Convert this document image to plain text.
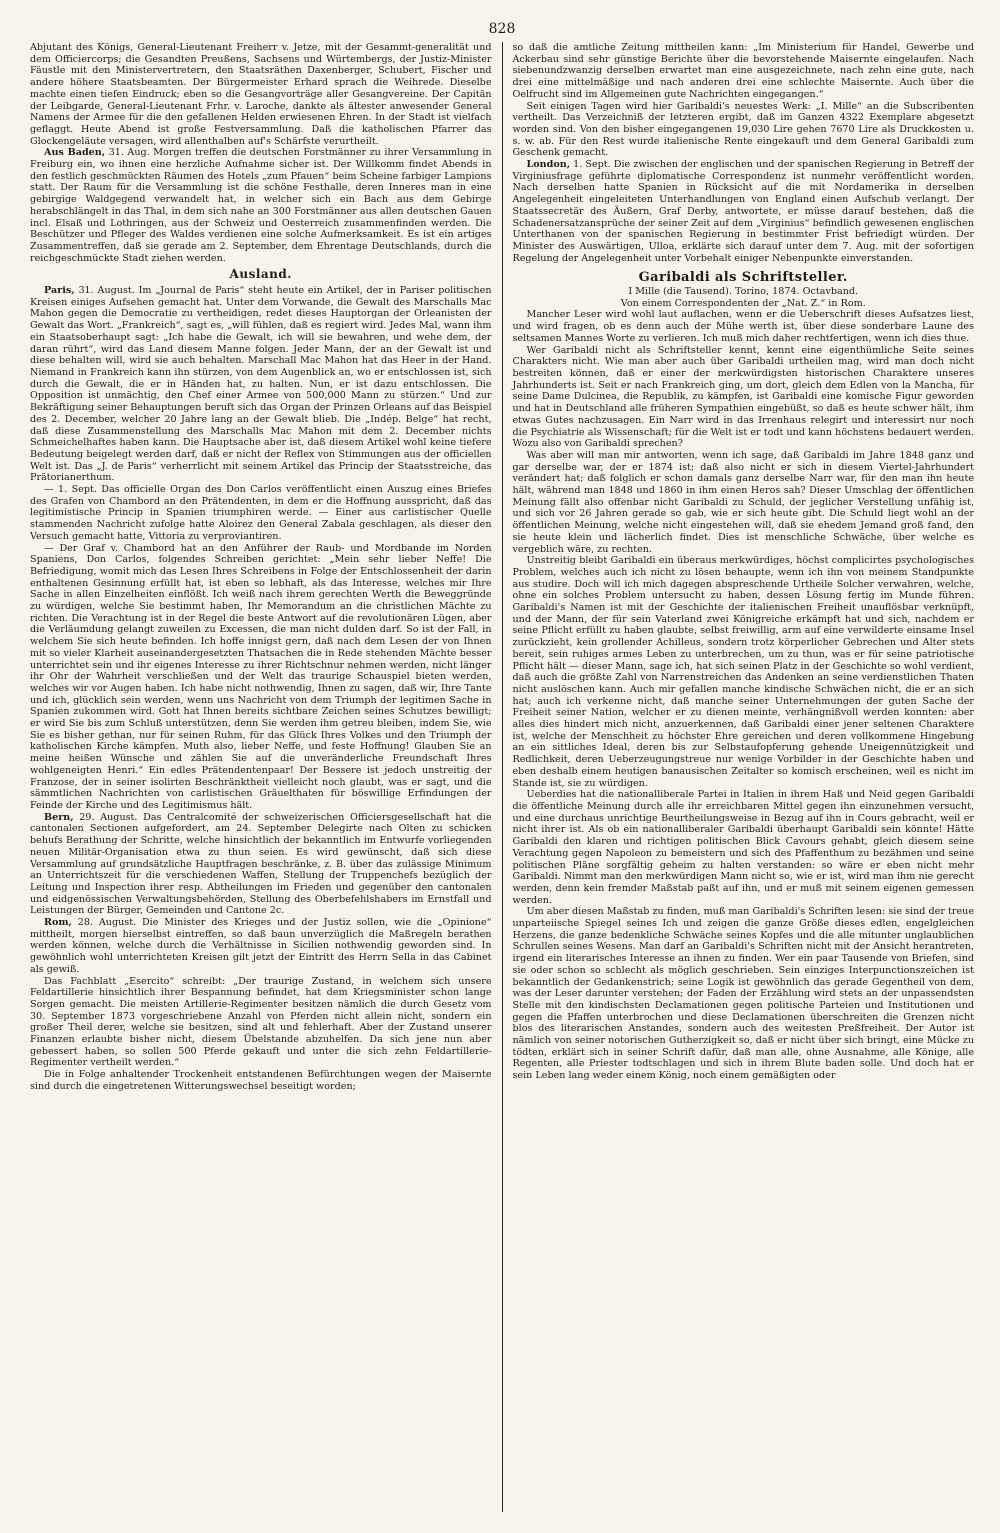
828

Abjutant des Königs, General-Lieutenant Freiherr v. Jetze, mit der Gesammt-generalität und dem Officiercorps; die Gesandten Preußens, Sachsens und Würtembergs, der Justiz-Minister Fäustle mit den Ministervertretern, den Staatsräthen Daxenberger, Schubert, Fischer und andere höhere Staatsbeamten. Der Bürgermeister Erhard sprach die Weihrede. Dieselbe machte einen tiefen Eindruck; eben so die Gesangvorträge aller Gesangvereine. Der Capitän der Leibgarde, General-Lieutenant Frhr. v. Laroche, dankte als ältester anwesender General Namens der Armee für die den gefallenen Helden erwiesenen Ehren. In der Stadt ist vielfach geflaggt. Heute Abend ist große Festversammlung. Daß die katholischen Pfarrer das Glockengeläute versagen, wird allenthalben auf's Schärfste verurtheilt.

Aus Baden, 31. Aug. Morgen treffen die deutschen Forstmänner zu ihrer Versammlung in Freiburg ein, wo ihnen eine herzliche Aufnahme sicher ist. Der Willkomm findet Abends in den festlich geschmückten Räumen des Hotels „zum Pfauen“ beim Scheine farbiger Lampions statt. Der Raum für die Versammlung ist die schöne Festhalle, deren Inneres man in eine gebirgige Waldgegend verwandelt hat, in welcher sich ein Bach aus dem Gebirge herabschlängelt in das Thal, in dem sich nahe an 300 Forstmänner aus allen deutschen Gauen incl. Elsaß und Lothringen, aus der Schweiz und Oesterreich zusammenfinden werden. Die Beschützer und Pfleger des Waldes verdienen eine solche Aufmerksamkeit. Es ist ein artiges Zusammentreffen, daß sie gerade am 2. September, dem Ehrentage Deutschlands, durch die reichgeschmückte Stadt ziehen werden.

Ausland.

Paris, 31. August. Im „Journal de Paris“ steht heute ein Artikel, der in Pariser politischen Kreisen einiges Aufsehen gemacht hat. Unter dem Vorwande, die Gewalt des Marschalls Mac Mahon gegen die Democratie zu vertheidigen, redet dieses Hauptorgan der Orleanisten der Gewalt das Wort. „Frankreich“, sagt es, „will fühlen, daß es regiert wird. Jedes Mal, wann ihm ein Staatsoberhaupt sagt: „Ich habe die Gewalt, ich will sie bewahren, und wehe dem, der daran rührt“, wird das Land diesem Manne folgen. Jeder Mann, der an der Gewalt ist und diese behalten will, wird sie auch behalten. Marschall Mac Mahon hat das Heer in der Hand. Niemand in Frankreich kann ihn stürzen, von dem Augenblick an, wo er entschlossen ist, sich durch die Gewalt, die er in Händen hat, zu halten. Nun, er ist dazu entschlossen. Die Opposition ist unmächtig, den Chef einer Armee von 500,000 Mann zu stürzen.“ Und zur Bekräftigung seiner Behauptungen beruft sich das Organ der Prinzen Orleans auf das Beispiel des 2. December, welcher 20 Jahre lang an der Gewalt blieb. Die „Indép. Belge“ hat recht, daß diese Zusammenstellung des Marschalls Mac Mahon mit dem 2. December nichts Schmeichelhaftes haben kann. Die Hauptsache aber ist, daß diesem Artikel wohl keine tiefere Bedeutung beigelegt werden darf, daß er nicht der Reflex von Stimmungen aus der officiellen Welt ist. Das „J. de Paris“ verherrlicht mit seinem Artikel das Princip der Staatsstreiche, das Prätorianerthum.

— 1. Sept. Das officielle Organ des Don Carlos veröffentlicht einen Auszug eines Briefes des Grafen von Chambord an den Prätendenten, in dem er die Hoffnung ausspricht, daß das legitimistische Princip in Spanien triumphiren werde. — Einer aus carlistischer Quelle stammenden Nachricht zufolge hatte Aloirez den General Zabala geschlagen, als dieser den Versuch gemacht hatte, Vittoria zu verproviantiren.

— Der Graf v. Chambord hat an den Anführer der Raub- und Mordbande im Norden Spaniens, Don Carlos, folgendes Schreiben gerichtet: „Mein sehr lieber Neffe! Die Befriedigung, womit mich das Lesen Ihres Schreibens in Folge der Entschlossenheit der darin enthaltenen Gesinnung erfüllt hat, ist eben so lebhaft, als das Interesse, welches mir Ihre Sache in allen Einzelheiten einflößt. Ich weiß nach ihrem gerechten Werth die Beweggründe zu würdigen, welche Sie bestimmt haben, Ihr Memorandum an die christlichen Mächte zu richten. Die Verachtung ist in der Regel die beste Antwort auf die revolutionären Lügen, aber die Verläumdung gelangt zuweilen zu Excessen, die man nicht dulden darf. So ist der Fall, in welchem Sie sich heute befinden. Ich hoffe innigst gern, daß nach dem Lesen der von Ihnen mit so vieler Klarheit auseinandergesetzten Thatsachen die in Rede stehenden Mächte besser unterrichtet sein und ihr eigenes Interesse zu ihrer Richtschnur nehmen werden, nicht länger ihr Ohr der Wahrheit verschließen und der Welt das traurige Schauspiel bieten werden, welches wir vor Augen haben. Ich habe nicht nothwendig, Ihnen zu sagen, daß wir, Ihre Tante und ich, glücklich sein werden, wenn uns Nachricht von dem Triumph der legitimen Sache in Spanien zukommen wird. Gott hat Ihnen bereits sichtbare Zeichen seines Schutzes bewilligt; er wird Sie bis zum Schluß unterstützen, denn Sie werden ihm getreu bleiben, indem Sie, wie Sie es bisher gethan, nur für seinen Ruhm, für das Glück Ihres Volkes und den Triumph der katholischen Kirche kämpfen. Muth also, lieber Neffe, und feste Hoffnung! Glauben Sie an meine heißen Wünsche und zählen Sie auf die unveränderliche Freundschaft Ihres wohlgeneigten Henri.“ Ein edles Prätendentenpaar! Der Bessere ist jedoch unstreitig der Franzose, der in seiner isolirten Beschränktheit vielleicht noch glaubt, was er sagt, und die sämmtlichen Nachrichten von carlistischen Gräuelthaten für böswillige Erfindungen der Feinde der Kirche und des Legitimismus hält.

Bern, 29. August. Das Centralcomité der schweizerischen Officiersgesellschaft hat die cantonalen Sectionen aufgefordert, am 24. September Delegirte nach Olten zu schicken behufs Berathung der Schritte, welche hinsichtlich der bekanntlich im Entwurfe vorliegenden neuen Militär-Organisation etwa zu thun seien. Es wird gewünscht, daß sich diese Versammlung auf grundsätzliche Hauptfragen beschränke, z. B. über das zulässige Minimum an Unterrichtszeit für die verschiedenen Waffen, Stellung der Truppenchefs bezüglich der Leitung und Inspection ihrer resp. Abtheilungen im Frieden und gegenüber den cantonalen und eidgenössischen Verwaltungsbehörden, Stellung des Oberbefehlshabers im Ernstfall und Leistungen der Bürger, Gemeinden und Cantone 2c.

Rom, 28. August. Die Minister des Krieges und der Justiz sollen, wie die „Opinione“ mittheilt, morgen hierselbst eintreffen, so daß baun unverzüglich die Maßregeln berathen werden können, welche durch die Verhältnisse in Sicilien nothwendig geworden sind. In gewöhnlich wohl unterrichteten Kreisen gilt jetzt der Eintritt des Herrn Sella in das Cabinet als gewiß.

Das Fachblatt „Esercito“ schreibt: „Der traurige Zustand, in welchem sich unsere Feldartillerie hinsichtlich ihrer Bespannung befindet, hat dem Kriegsminister schon lange Sorgen gemacht. Die meisten Artillerie-Regimenter besitzen nämlich die durch Gesetz vom 30. September 1873 vorgeschriebene Anzahl von Pferden nicht allein nicht, sondern ein großer Theil derer, welche sie besitzen, sind alt und fehlerhaft. Aber der Zustand unserer Finanzen erlaubte bisher nicht, diesem Übelstande abzuhelfen. Da sich jene nun aber gebessert haben, so sollen 500 Pferde gekauft und unter die sich zehn Feldartillerie-Regimenter vertheilt werden.“

Die in Folge anhaltender Trockenheit entstandenen Befürchtungen wegen der Maisernte sind durch die eingetretenen Witterungswechsel beseitigt worden;

so daß die amtliche Zeitung mittheilen kann: „Im Ministerium für Handel, Gewerbe und Ackerbau sind sehr günstige Berichte über die bevorstehende Maisernte eingelaufen. Nach siebenundzwanzig derselben erwartet man eine ausgezeichnete, nach zehn eine gute, nach drei eine mittelmäßige und nach anderen drei eine schlechte Maisernte. Auch über die Oelfrucht sind im Allgemeinen gute Nachrichten eingegangen.“

Seit einigen Tagen wird hier Garibaldi's neuestes Werk: „I. Mille“ an die Subscribenten vertheilt. Das Verzeichniß der letzteren ergibt, daß im Ganzen 4322 Exemplare abgesetzt worden sind. Von den bisher eingegangenen 19,030 Lire gehen 7670 Lire als Druckkosten u. s. w. ab. Für den Rest wurde italienische Rente eingekauft und dem General Garibaldi zum Geschenk gemacht.

London, 1. Sept. Die zwischen der englischen und der spanischen Regierung in Betreff der Virginiusfrage geführte diplomatische Correspondenz ist nunmehr veröffentlicht worden. Nach derselben hatte Spanien in Rücksicht auf die mit Nordamerika in derselben Angelegenheit eingeleiteten Unterhandlungen von England einen Aufschub verlangt. Der Staatssecretär des Äußern, Graf Derby, antwortete, er müsse darauf bestehen, daß die Schadenersatzansprüche der seiner Zeit auf dem „Virginius“ befindlich gewesenen englischen Unterthanen von der spanischen Regierung in bestimmter Frist befriedigt würden. Der Minister des Auswärtigen, Ulloa, erklärte sich darauf unter dem 7. Aug. mit der sofortigen Regelung der Angelegenheit unter Vorbehalt einiger Nebenpunkte einverstanden.

Garibaldi als Schriftsteller.
I Mille (die Tausend). Torino, 1874. Octavband.
Von einem Correspondenten der „Nat. Z.“ in Rom.

Mancher Leser wird wohl laut auflachen, wenn er die Ueberschrift dieses Aufsatzes liest, und wird fragen, ob es denn auch der Mühe werth ist, über diese sonderbare Laune des seltsamen Mannes Worte zu verlieren. Ich muß mich daher rechtfertigen, wenn ich dies thue.

Wer Garibaldi nicht als Schriftsteller kennt, kennt eine eigenthümliche Seite seines Charakters nicht. Wie man aber auch über Garibaldi urtheilen mag, wird man doch nicht bestreiten können, daß er einer der merkwürdigsten historischen Charaktere unseres Jahrhunderts ist. Seit er nach Frankreich ging, um dort, gleich dem Edlen von la Mancha, für seine Dame Dulcinea, die Republik, zu kämpfen, ist Garibaldi eine komische Figur geworden und hat in Deutschland alle früheren Sympathien eingebüßt, so daß es heute schwer hält, ihm etwas Gutes nachzusagen. Ein Narr wird in das Irrenhaus relegirt und interessirt nur noch die Psychiatrie als Wissenschaft; für die Welt ist er todt und kann höchstens bedauert werden. Wozu also von Garibaldi sprechen?

Was aber will man mir antworten, wenn ich sage, daß Garibaldi im Jahre 1848 ganz und gar derselbe war, der er 1874 ist; daß also nicht er sich in diesem Viertel-Jahrhundert verändert hat; daß folglich er schon damals ganz derselbe Narr war, für den man ihn heute hält, während man 1848 und 1860 in ihm einen Heros sah? Dieser Umschlag der öffentlichen Meinung fällt also offenbar nicht Garibaldi zu Schuld, der jeglicher Verstellung unfähig ist, und sich vor 26 Jahren gerade so gab, wie er sich heute gibt. Die Schuld liegt wohl an der öffentlichen Meinung, welche nicht eingestehen will, daß sie ehedem Jemand groß fand, den sie heute klein und lächerlich findet. Dies ist menschliche Schwäche, über welche es vergeblich wäre, zu rechten.

Unstreitig bleibt Garibaldi ein überaus merkwürdiges, höchst complicirtes psychologisches Problem, welches auch ich nicht zu lösen behaupte, wenn ich ihn von meinem Standpunkte aus studire. Doch will ich mich dagegen abspreschende Urtheile Solcher verwahren, welche, ohne ein solches Problem untersucht zu haben, dessen Lösung fertig im Munde führen. Garibaldi's Namen ist mit der Geschichte der italienischen Freiheit unauflösbar verknüpft, und der Mann, der für sein Vaterland zwei Königreiche erkämpft hat und sich, nachdem er seine Pflicht erfüllt zu haben glaubte, selbst freiwillig, arm auf eine verwilderte einsame Insel zurückzieht, kein grollender Achilleus, sondern trotz körperlicher Gebrechen und Alter stets bereit, sein ruhiges armes Leben zu unterbrechen, um zu thun, was er für seine patriotische Pflicht hält — dieser Mann, sage ich, hat sich seinen Platz in der Geschichte so wohl verdient, daß auch die größte Zahl von Narrenstreichen das Andenken an seine verdienstlichen Thaten nicht auslöschen kann. Auch mir gefallen manche kindische Schwächen nicht, die er an sich hat; auch ich verkenne nicht, daß manche seiner Unternehmungen der guten Sache der Freiheit seiner Nation, welcher er zu dienen meinte, verhängnißvoll werden konnten: aber alles dies hindert mich nicht, anzuerkennen, daß Garibaldi einer jener seltenen Charaktere ist, welche der Menschheit zu höchster Ehre gereichen und deren vollkommene Hingebung an ein sittliches Ideal, deren bis zur Selbstaufopferung gehende Uneigennützigkeit und Redlichkeit, deren Ueberzeugungstreue nur wenige Vorbilder in der Geschichte haben und eben deshalb einem heutigen banausischen Zeitalter so komisch erscheinen, weil es nicht im Stande ist, sie zu würdigen.

Ueberdies hat die nationalliberale Partei in Italien in ihrem Haß und Neid gegen Garibaldi die öffentliche Meinung durch alle ihr erreichbaren Mittel gegen ihn einzunehmen versucht, und eine durchaus unrichtige Beurtheilungsweise in Bezug auf ihn in Cours gebracht, weil er nicht ihrer ist. Als ob ein nationalliberaler Garibaldi überhaupt Garibaldi sein könnte! Hätte Garibaldi den klaren und richtigen politischen Blick Cavours gehabt, gleich diesem seine Verachtung gegen Napoleon zu bemeistern und sich des Pfaffenthum zu bezähmen und seine politischen Pläne sorgfältig geheim zu halten verstanden: so wäre er eben nicht mehr Garibaldi. Nimmt man den merkwürdigen Mann nicht so, wie er ist, wird man ihm nie gerecht werden, denn kein fremder Maßstab paßt auf ihn, und er muß mit seinem eigenen gemessen werden.

Um aber diesen Maßstab zu finden, muß man Garibaldi's Schriften lesen: sie sind der treue unparteiische Spiegel seines Ich und zeigen die ganze Größe dieses edlen, engelgleichen Herzens, die ganze bedenkliche Schwäche seines Kopfes und die alle mitunter unglaublichen Schrullen seines Wesens. Man darf an Garibaldi's Schriften nicht mit der Ansicht herantreten, irgend ein literarisches Interesse an ihnen zu finden. Wer ein paar Tausende von Briefen, sind sie oder schon so schlecht als möglich geschrieben. Sein einziges Interpunctionszeichen ist bekanntlich der Gedankenstrich; seine Logik ist gewöhnlich das gerade Gegentheil von dem, was der Leser darunter verstehen; der Faden der Erzählung wird stets an der unpassendsten Stelle mit den kindischsten Declamationen gegen politische Parteien und Institutionen und gegen die Pfaffen unterbrochen und diese Declamationen überschreiten die Grenzen nicht blos des literarischen Anstandes, sondern auch des weitesten Preßfreiheit. Der Autor ist nämlich von seiner notorischen Gutherzigkeit so, daß er nicht über sich bringt, eine Mücke zu tödten, erklärt sich in seiner Schrift dafür, daß man alle, ohne Ausnahme, alle Könige, alle Regenten, alle Priester todtschlagen und sich in ihrem Blute baden solle. Und doch hat er sein Leben lang weder einem König, noch einem gemäßigten oder
